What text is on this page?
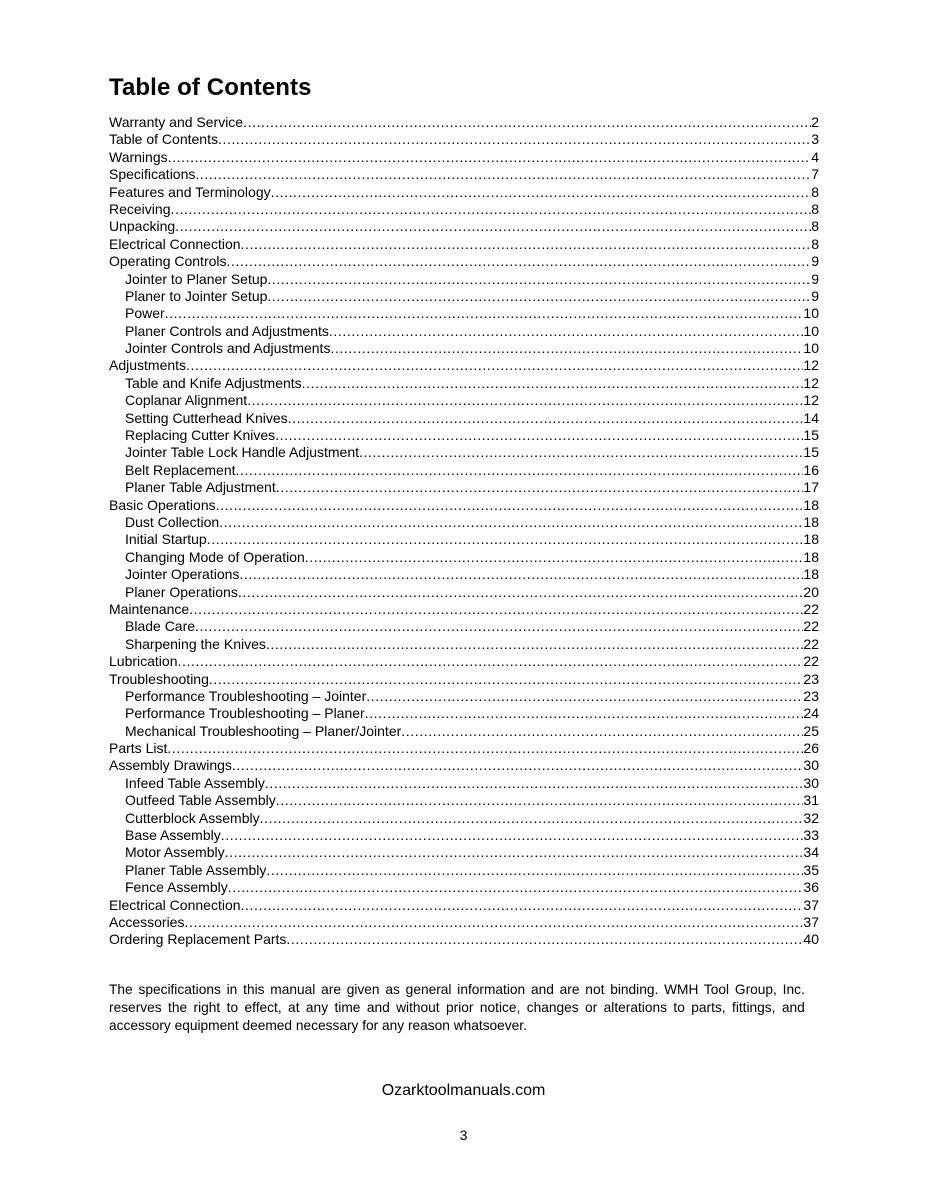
Table of Contents
Warranty and Service .....	2
Table of Contents .....	3
Warnings .....	4
Specifications .....	7
Features and Terminology .....	8
Receiving .....	8
Unpacking .....	8
Electrical Connection .....	8
Operating Controls .....	9
Jointer to Planer Setup .....	9
Planer to Jointer Setup .....	9
Power .....	10
Planer Controls and Adjustments .....	10
Jointer Controls and Adjustments .....	10
Adjustments .....	12
Table and Knife Adjustments .....	12
Coplanar Alignment .....	12
Setting Cutterhead Knives .....	14
Replacing Cutter Knives .....	15
Jointer Table Lock Handle Adjustment .....	15
Belt Replacement .....	16
Planer Table Adjustment .....	17
Basic Operations .....	18
Dust Collection .....	18
Initial Startup .....	18
Changing Mode of Operation .....	18
Jointer Operations .....	18
Planer Operations .....	20
Maintenance .....	22
Blade Care .....	22
Sharpening the Knives .....	22
Lubrication .....	22
Troubleshooting .....	23
Performance Troubleshooting – Jointer .....	23
Performance Troubleshooting – Planer .....	24
Mechanical Troubleshooting – Planer/Jointer .....	25
Parts List .....	26
Assembly Drawings .....	30
Infeed Table Assembly .....	30
Outfeed Table Assembly .....	31
Cutterblock Assembly .....	32
Base Assembly .....	33
Motor Assembly .....	34
Planer Table Assembly .....	35
Fence Assembly .....	36
Electrical Connection .....	37
Accessories .....	37
Ordering Replacement Parts .....	40

The specifications in this manual are given as general information and are not binding. WMH Tool Group, Inc. reserves the right to effect, at any time and without prior notice, changes or alterations to parts, fittings, and accessory equipment deemed necessary for any reason whatsoever.

Ozarktoolmanuals.com
3
